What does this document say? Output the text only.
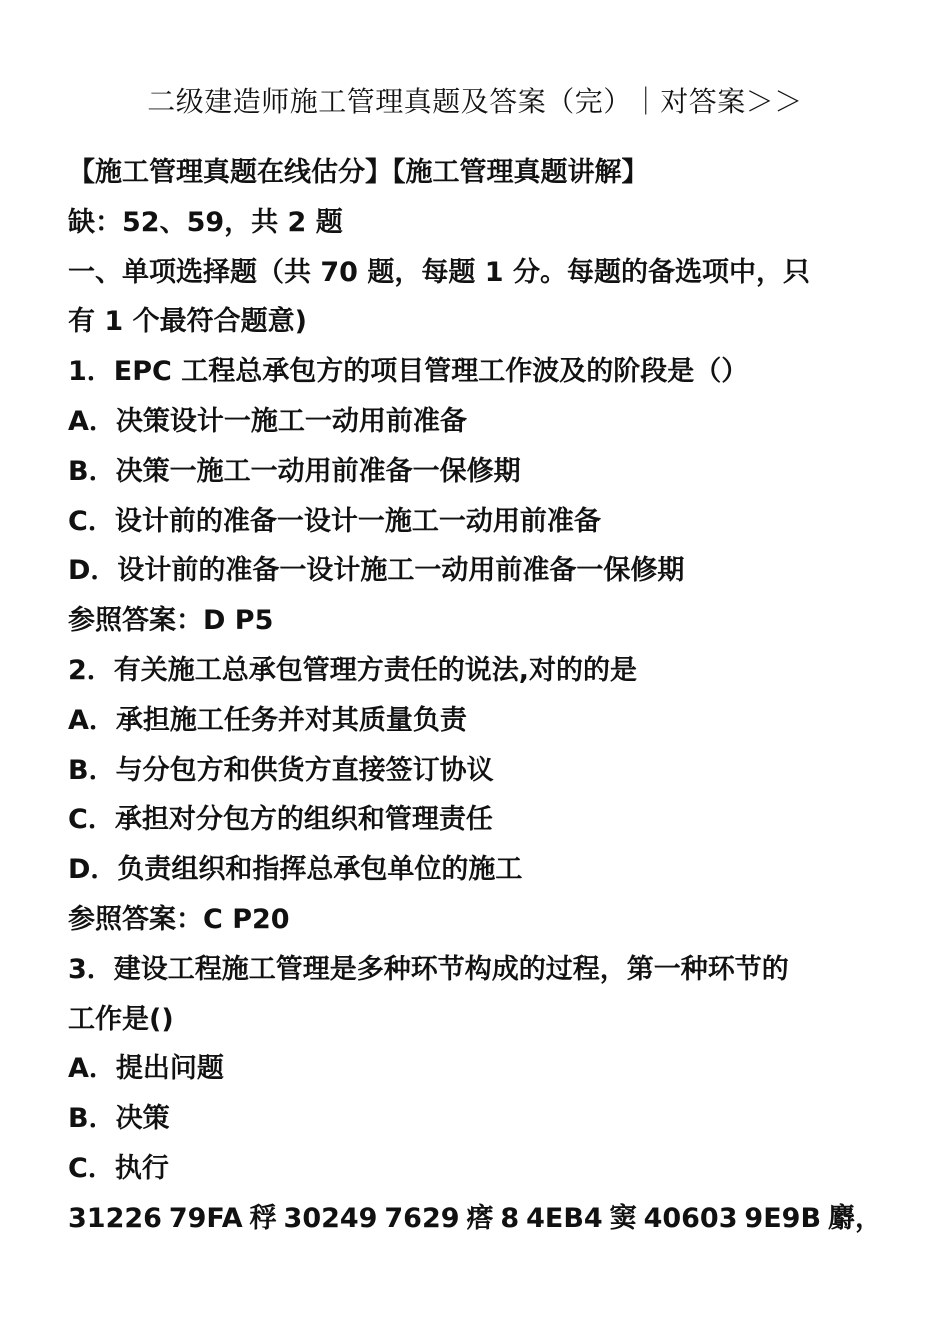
二级建造师施工管理真题及答案（完）｜对答案＞＞
【施工管理真题在线估分】【施工管理真题讲解】
缺：52、59，共 2 题
一、单项选择题（共 70 题，每题 1 分。每题的备选项中，只
有 1 个最符合题意)
1．EPC 工程总承包方的项目管理工作波及的阶段是（）
A．决策设计一施工一动用前准备
B．决策一施工一动用前准备一保修期
C．设计前的准备一设计一施工一动用前准备
D．设计前的准备一设计施工一动用前准备一保修期
参照答案：D P5
2．有关施工总承包管理方责任的说法,对的的是
A．承担施工任务并对其质量负责
B．与分包方和供货方直接签订协议
C．承担对分包方的组织和管理责任
D．负责组织和指挥总承包单位的施工
参照答案：C P20
3．建设工程施工管理是多种环节构成的过程，第一种环节的
工作是()
A．提出问题
B．决策
C．执行
31226 79FA 稃 30249 7629 瘩 8 4EB4 窦 40603 9E9B 麝，
